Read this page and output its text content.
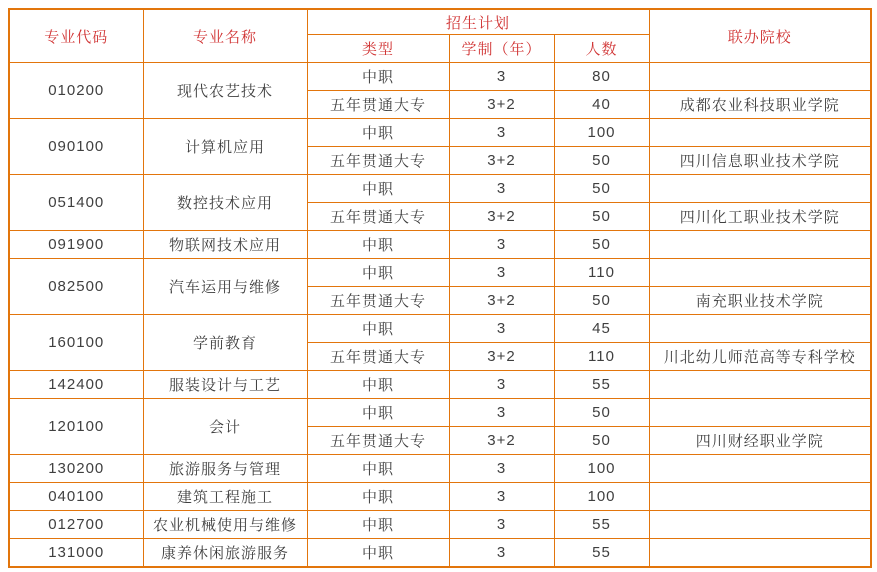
专业代码	专业名称	招生计划			联办院校
		类型	学制（年）	人数	
010200	现代农艺技术	中职	3	80	
		五年贯通大专	3+2	40	成都农业科技职业学院
090100	计算机应用	中职	3	100	
		五年贯通大专	3+2	50	四川信息职业技术学院
051400	数控技术应用	中职	3	50	
		五年贯通大专	3+2	50	四川化工职业技术学院
091900	物联网技术应用	中职	3	50	
082500	汽车运用与维修	中职	3	110	
		五年贯通大专	3+2	50	南充职业技术学院
160100	学前教育	中职	3	45	
		五年贯通大专	3+2	110	川北幼儿师范高等专科学校
142400	服装设计与工艺	中职	3	55	
120100	会计	中职	3	50	
		五年贯通大专	3+2	50	四川财经职业学院
130200	旅游服务与管理	中职	3	100	
040100	建筑工程施工	中职	3	100	
012700	农业机械使用与维修	中职	3	55	
131000	康养休闲旅游服务	中职	3	55	
